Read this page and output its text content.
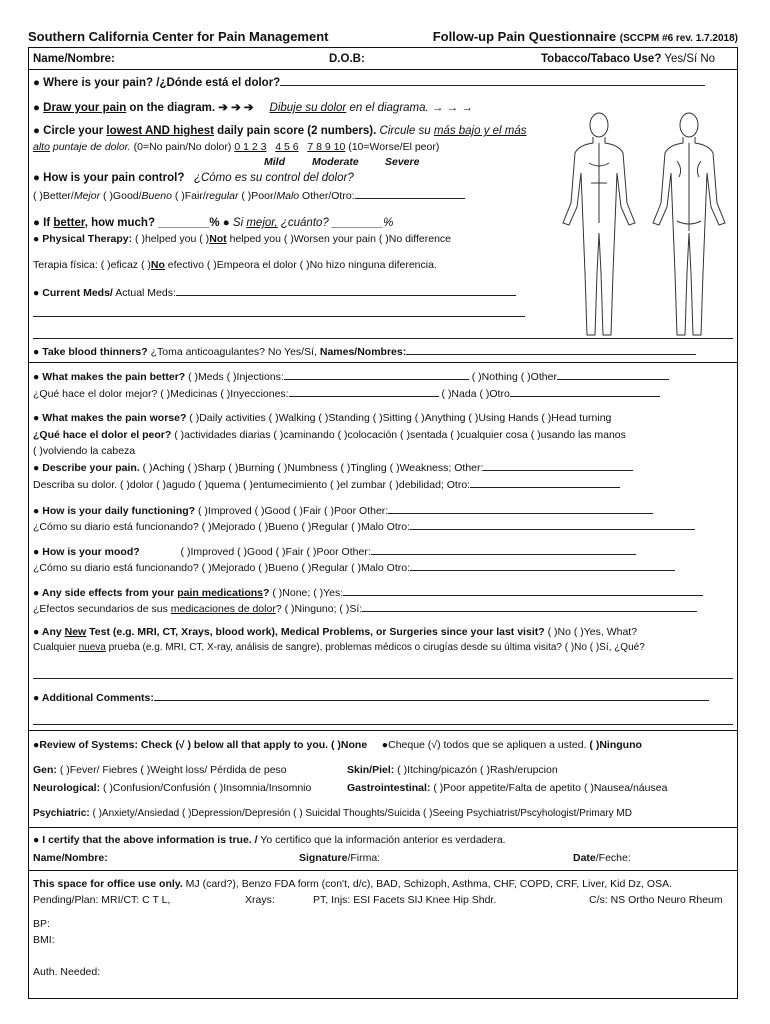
Southern California Center for Pain Management	Follow-up Pain Questionnaire (SCCPM #6 rev. 1.7.2018)
Name/Nombre:	D.O.B:	Tobacco/Tabaco Use? Yes/Sí No
● Where is your pain? /¿Dónde está el dolor?
● Draw your pain on the diagram. ➔ ➔ ➔ Dibuje su dolor en el diagrama. → → →
● Circle your lowest AND highest daily pain score (2 numbers). Circule su más bajo y el más
alto puntaje de dolor. (0=No pain/No dolor) 0 1 2 3 4 5 6 7 8 9 10 (10=Worse/El peor)
Mild	Moderate	Severe
● How is your pain control? ¿Cómo es su control del dolor?
( )Better/Mejor ( )Good/Bueno ( )Fair/regular ( )Poor/Malo Other/Otro:
● If better, how much? ________% ● Si mejor, ¿cuánto? ________%
● Physical Therapy: ( )helped you ( )Not helped you ( )Worsen your pain ( )No difference
Terapia física: ( )eficaz ( )No efectivo ( )Empeora el dolor ( )No hizo ninguna diferencia.
● Current Meds/ Actual Meds:
● Take blood thinners? ¿Toma anticoagulantes? No Yes/Sí, Names/Nombres:
● What makes the pain better? ( )Meds ( )Injections:	( )Nothing ( )Other
¿Qué hace el dolor mejor? ( )Medicinas ( )Inyecciones:	( )Nada ( )Otro
● What makes the pain worse? ( )Daily activities ( )Walking ( )Standing ( )Sitting ( )Anything ( )Using Hands ( )Head turning
¿Qué hace el dolor el peor? ( )actividades diarias ( )caminando ( )colocación ( )sentada ( )cualquier cosa ( )usando las manos
( )volviendo la cabeza
● Describe your pain. ( )Aching ( )Sharp ( )Burning ( )Numbness ( )Tingling ( )Weakness; Other:
Describa su dolor. ( )dolor ( )agudo ( )quema ( )entumecimiento ( )el zumbar ( )debilidad; Otro:
● How is your daily functioning? ( )Improved ( )Good ( )Fair ( )Poor Other:
¿Cómo su diario está funcionando? ( )Mejorado ( )Bueno ( )Regular ( )Malo Otro:
● How is your mood?	( )Improved ( )Good ( )Fair ( )Poor Other:
¿Cómo su diario está funcionando? ( )Mejorado ( )Bueno ( )Regular ( )Malo Otro:
● Any side effects from your pain medications? ( )None; ( )Yes:
¿Efectos secundarios de sus medicaciones de dolor? ( )Ninguno; ( )Sí:
● Any New Test (e.g. MRI, CT, Xrays, blood work), Medical Problems, or Surgeries since your last visit? ( )No ( )Yes, What?
Cualquier nueva prueba (e.g. MRI, CT, X-ray, análisis de sangre), problemas médicos o cirugías desde su última visita? ( )No ( )Sí, ¿Qué?
● Additional Comments:
●Review of Systems: Check (√ ) below all that apply to you. ( )None ●Cheque (√) todos que se apliquen a usted. ( )Ninguno
Gen: ( )Fever/ Fiebres ( )Weight loss/ Pérdida de peso	Skin/Piel: ( )Itching/picazón ( )Rash/erupcion
Neurological: ( )Confusion/Confusión ( )Insomnia/Insomnio	Gastrointestinal: ( )Poor appetite/Falta de apetito ( )Nausea/náusea
Psychiatric: ( )Anxiety/Ansiedad ( )Depression/Depresión ( ) Suicidal Thoughts/Suicida ( )Seeing Psychiatrist/Pscyhologist/Primary MD
● I certify that the above information is true. / Yo certifico que la información anterior es verdadera.
Name/Nombre:	Signature/Firma:	Date/Feche:
This space for office use only. MJ (card?), Benzo FDA form (con't, d/c), BAD, Schizoph, Asthma, CHF, COPD, CRF, Liver, Kid Dz, OSA.
Pending/Plan: MRI/CT: C T L,	Xrays:	PT, Injs: ESI Facets SIJ Knee Hip Shdr.	C/s: NS Ortho Neuro Rheum
BP:
BMI:
Auth. Needed:
